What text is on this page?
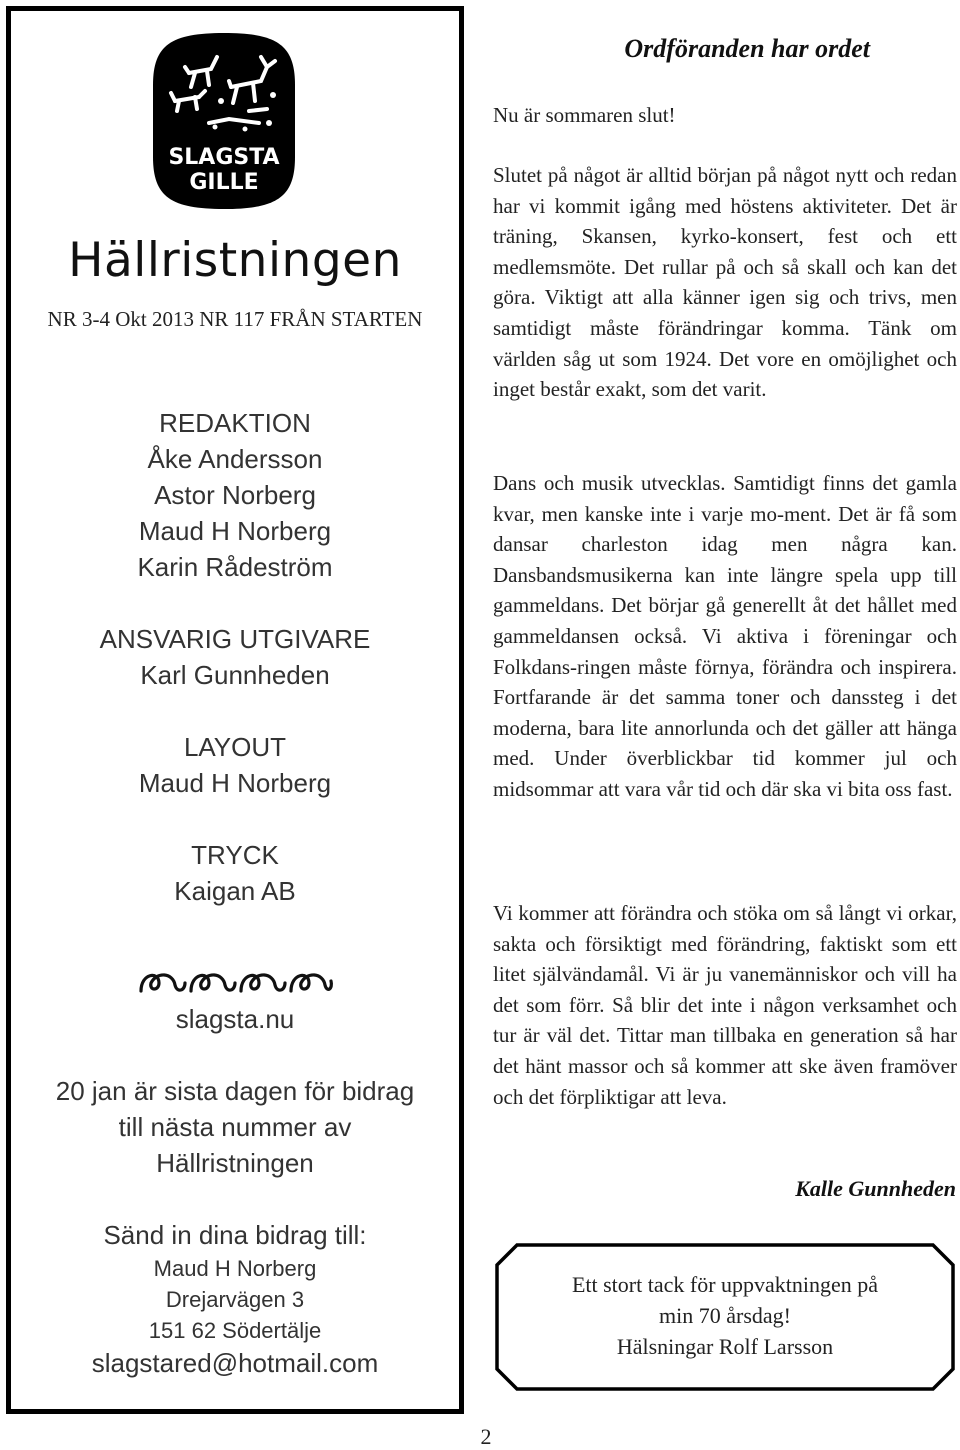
SLAGSTA
GILLE
Hällristningen
NR 3-4 Okt 2013 NR 117 FRÅN STARTEN
REDAKTION
Åke Andersson
Astor Norberg
Maud H Norberg
Karin Rådeström
ANSVARIG UTGIVARE
Karl Gunnheden
LAYOUT
Maud H Norberg
TRYCK
Kaigan AB
slagsta.nu
20 jan är sista dagen för bidrag
till nästa nummer av
Hällristningen
Sänd in dina bidrag till:
Maud H Norberg
Drejarvägen 3
151 62 Södertälje
slagstared@hotmail.com
Ordföranden har ordet
Nu är sommaren slut!
Slutet på något är alltid början på något nytt och redan har vi kommit igång med höstens aktiviteter. Det är träning, Skansen, kyrko-konsert, fest och ett medlemsmöte. Det rullar på och så skall och kan det göra. Viktigt att alla känner igen sig och trivs, men samtidigt måste förändringar komma. Tänk om världen såg ut som 1924. Det vore en omöjlighet och inget består exakt, som det varit.
Dans och musik utvecklas. Samtidigt finns det gamla kvar, men kanske inte i varje mo-ment. Det är få som dansar charleston idag men några kan. Dansbandsmusikerna kan inte längre spela upp till gammeldans. Det börjar gå generellt åt det hållet med gammeldansen också. Vi aktiva i föreningar och Folkdans-ringen måste förnya, förändra och inspirera. Fortfarande är det samma toner och danssteg i det moderna, bara lite annorlunda och det gäller att hänga med. Under överblickbar tid kommer jul och midsommar att vara vår tid och där ska vi bita oss fast.
Vi kommer att förändra och stöka om så långt vi orkar, sakta och försiktigt med förändring, faktiskt som ett litet självändamål. Vi är ju vanemänniskor och vill ha det som förr. Så blir det inte i någon verksamhet och tur är väl det. Tittar man tillbaka en generation så har det hänt massor och så kommer att ske även framöver och det förpliktigar att leva.
Kalle Gunnheden
Ett stort tack för uppvaktningen på
min 70 årsdag!
Hälsningar Rolf Larsson
2
